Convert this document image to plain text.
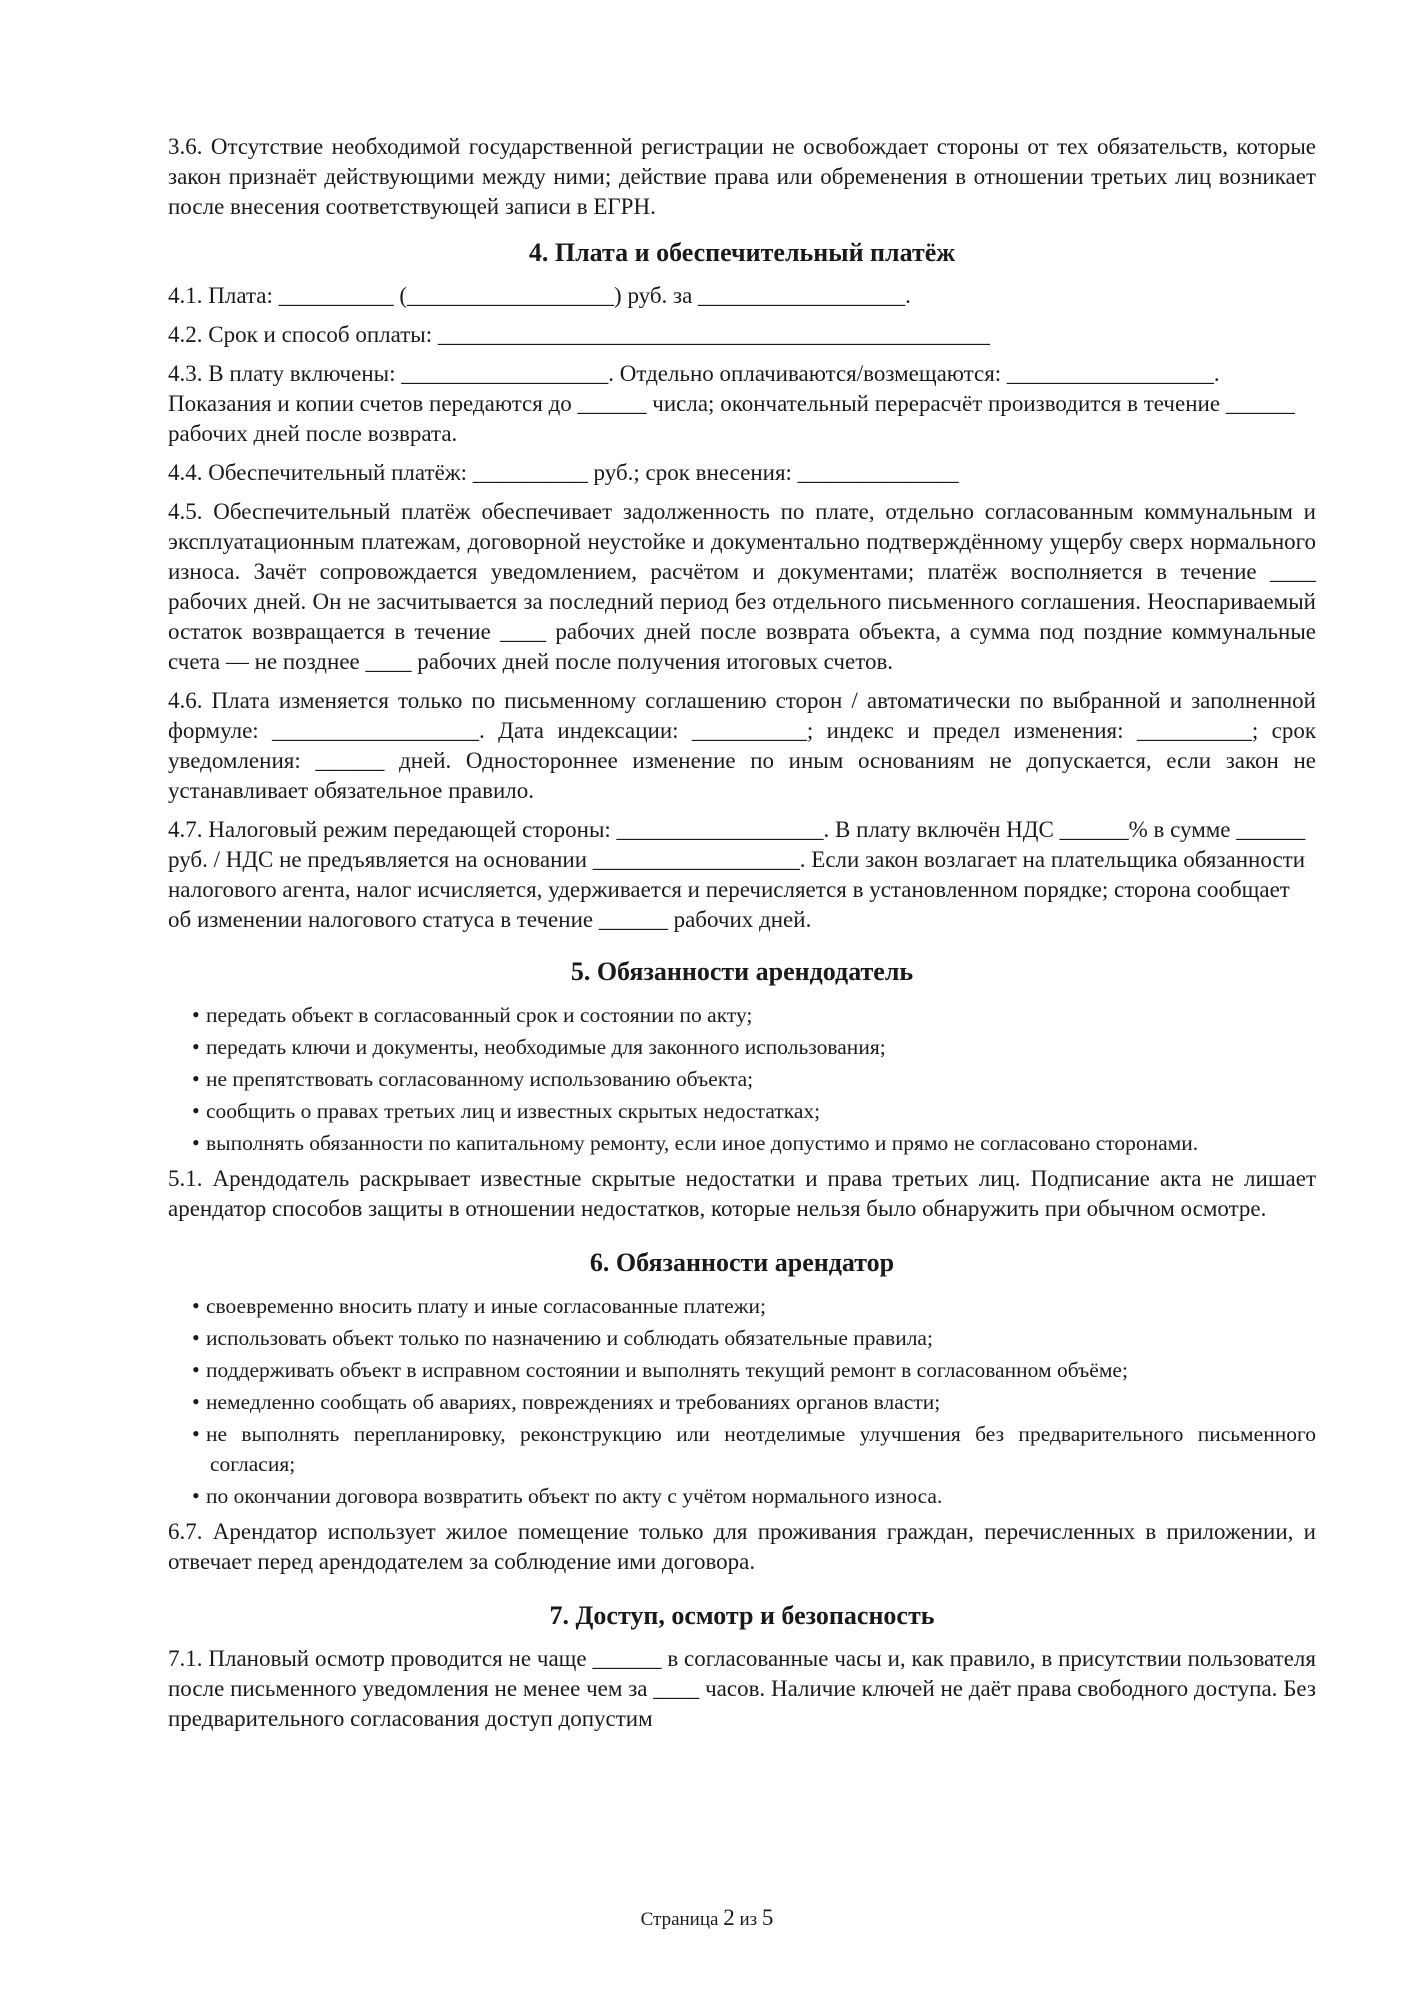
3.6. Отсутствие необходимой государственной регистрации не освобождает стороны от тех обязательств, которые закон признаёт действующими между ними; действие права или обременения в отношении третьих лиц возникает после внесения соответствующей записи в ЕГРН.

4. Плата и обеспечительный платёж
4.1. Плата: __________ (__________________) руб. за __________________.
4.2. Срок и способ оплаты: ________________________________________________

4.3. В плату включены: __________________. Отдельно оплачиваются/возмещаются: __________________. Показания и копии счетов передаются до ______ числа; окончательный перерасчёт производится в течение ______ рабочих дней после возврата.

4.4. Обеспечительный платёж: __________ руб.; срок внесения: ______________

4.5. Обеспечительный платёж обеспечивает задолженность по плате, отдельно согласованным коммунальным и эксплуатационным платежам, договорной неустойке и документально подтверждённому ущербу сверх нормального износа. Зачёт сопровождается уведомлением, расчётом и документами; платёж восполняется в течение ____ рабочих дней. Он не засчитывается за последний период без отдельного письменного соглашения. Неоспариваемый остаток возвращается в течение ____ рабочих дней после возврата объекта, а сумма под поздние коммунальные счета — не позднее ____ рабочих дней после получения итоговых счетов.

4.6. Плата изменяется только по письменному соглашению сторон / автоматически по выбранной и заполненной формуле: __________________. Дата индексации: __________; индекс и предел изменения: __________; срок уведомления: ______ дней. Одностороннее изменение по иным основаниям не допускается, если закон не устанавливает обязательное правило.

4.7. Налоговый режим передающей стороны: __________________. В плату включён НДС ______% в сумме ______ руб. / НДС не предъявляется на основании __________________. Если закон возлагает на плательщика обязанности налогового агента, налог исчисляется, удерживается и перечисляется в установленном порядке; сторона сообщает об изменении налогового статуса в течение ______ рабочих дней.

5. Обязанности арендодатель
• передать объект в согласованный срок и состоянии по акту;
• передать ключи и документы, необходимые для законного использования;
• не препятствовать согласованному использованию объекта;
• сообщить о правах третьих лиц и известных скрытых недостатках;
• выполнять обязанности по капитальному ремонту, если иное допустимо и прямо не согласовано сторонами.

5.1. Арендодатель раскрывает известные скрытые недостатки и права третьих лиц. Подписание акта не лишает арендатор способов защиты в отношении недостатков, которые нельзя было обнаружить при обычном осмотре.

6. Обязанности арендатор
• своевременно вносить плату и иные согласованные платежи;
• использовать объект только по назначению и соблюдать обязательные правила;
• поддерживать объект в исправном состоянии и выполнять текущий ремонт в согласованном объёме;
• немедленно сообщать об авариях, повреждениях и требованиях органов власти;
• не выполнять перепланировку, реконструкцию или неотделимые улучшения без предварительного письменного согласия;
• по окончании договора возвратить объект по акту с учётом нормального износа.

6.7. Арендатор использует жилое помещение только для проживания граждан, перечисленных в приложении, и отвечает перед арендодателем за соблюдение ими договора.

7. Доступ, осмотр и безопасность

7.1. Плановый осмотр проводится не чаще ______ в согласованные часы и, как правило, в присутствии пользователя после письменного уведомления не менее чем за ____ часов. Наличие ключей не даёт права свободного доступа. Без предварительного согласования доступ допустим

Страница 2 из 5
